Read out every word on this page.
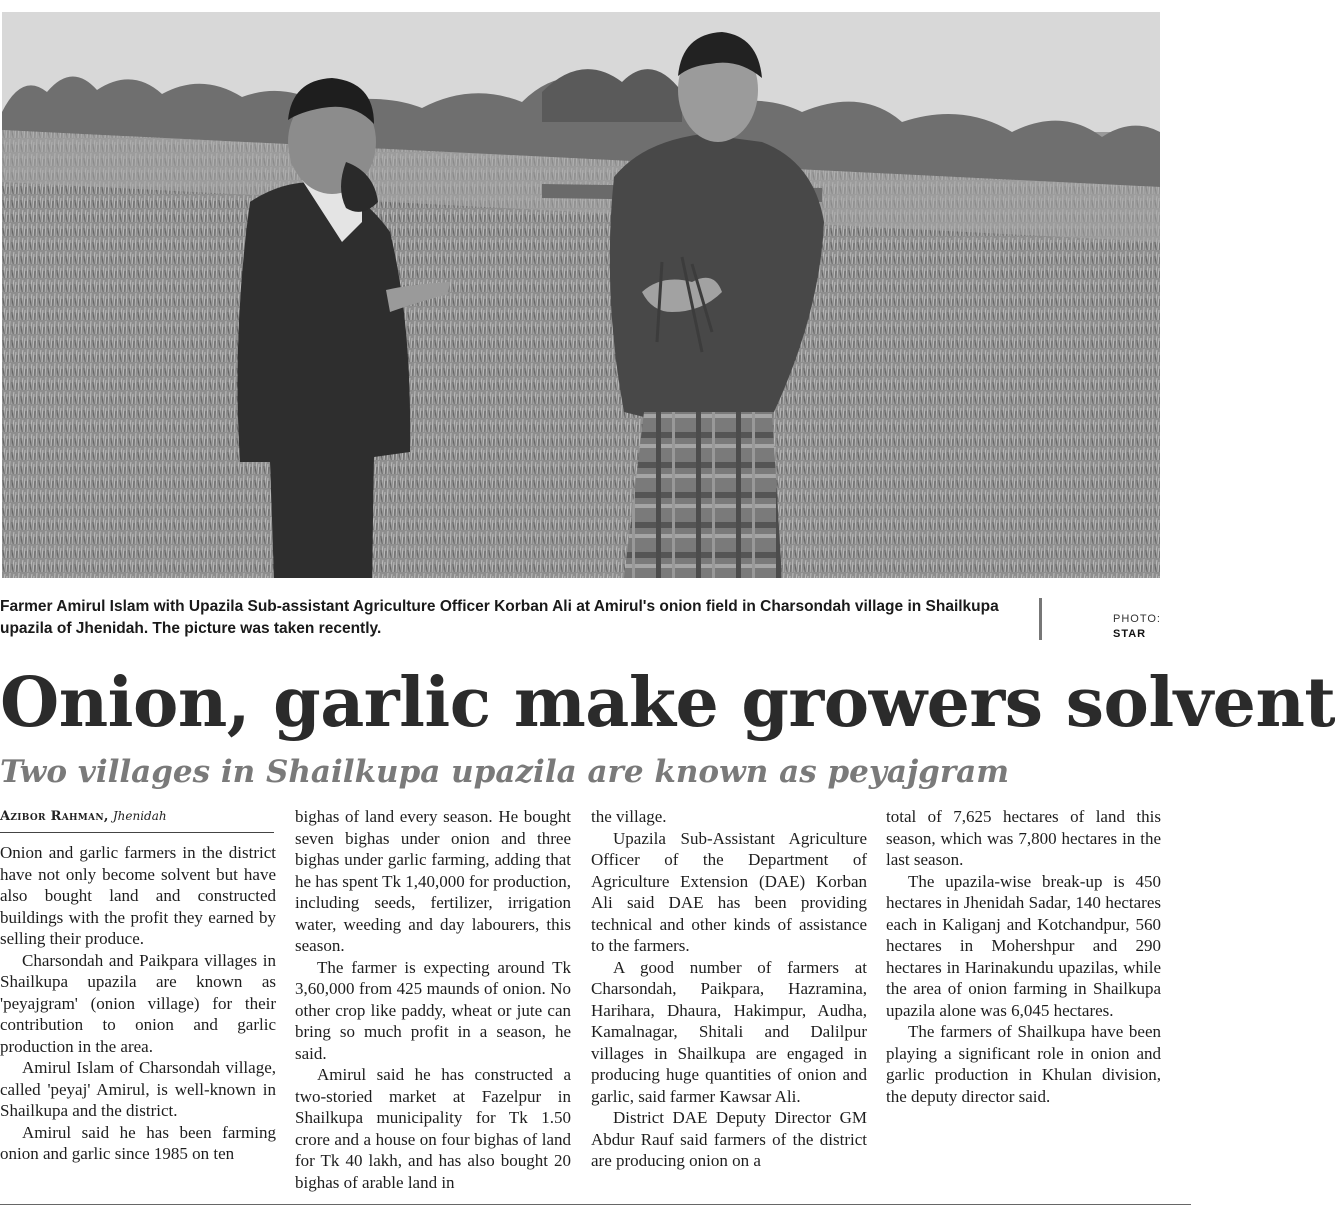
Farmer Amirul Islam with Upazila Sub-assistant Agriculture Officer Korban Ali at Amirul's onion field in Charsondah village in Shailkupa upazila of Jhenidah. The picture was taken recently.
PHOTO:
STAR
Onion, garlic make growers solvent
Two villages in Shailkupa upazila are known as peyajgram
Azibor Rahman, Jhenidah

Onion and garlic farmers in the district have not only become solvent but have also bought land and constructed buildings with the profit they earned by selling their produce.

Charsondah and Paikpara villages in Shailkupa upazila are known as 'peyajgram' (onion village) for their contribution to onion and garlic production in the area.

Amirul Islam of Charsondah village, called 'peyaj' Amirul, is well-known in Shailkupa and the district.

Amirul said he has been farming onion and garlic since 1985 on ten

bighas of land every season. He bought seven bighas under onion and three bighas under garlic farming, adding that he has spent Tk 1,40,000 for production, including seeds, fertilizer, irrigation water, weeding and day labourers, this season.

The farmer is expecting around Tk 3,60,000 from 425 maunds of onion. No other crop like paddy, wheat or jute can bring so much profit in a season, he said.

Amirul said he has constructed a two-storied market at Fazelpur in Shailkupa municipality for Tk 1.50 crore and a house on four bighas of land for Tk 40 lakh, and has also bought 20 bighas of arable land in

the village.

Upazila Sub-Assistant Agriculture Officer of the Department of Agriculture Extension (DAE) Korban Ali said DAE has been providing technical and other kinds of assistance to the farmers.

A good number of farmers at Charsondah, Paikpara, Hazramina, Harihara, Dhaura, Hakimpur, Audha, Kamalnagar, Shitali and Dalilpur villages in Shailkupa are engaged in producing huge quantities of onion and garlic, said farmer Kawsar Ali.

District DAE Deputy Director GM Abdur Rauf said farmers of the district are producing onion on a

total of 7,625 hectares of land this season, which was 7,800 hectares in the last season.

The upazila-wise break-up is 450 hectares in Jhenidah Sadar, 140 hectares each in Kaliganj and Kotchandpur, 560 hectares in Mohershpur and 290 hectares in Harinakundu upazilas, while the area of onion farming in Shailkupa upazila alone was 6,045 hectares.

The farmers of Shailkupa have been playing a significant role in onion and garlic production in Khulan division, the deputy director said.
